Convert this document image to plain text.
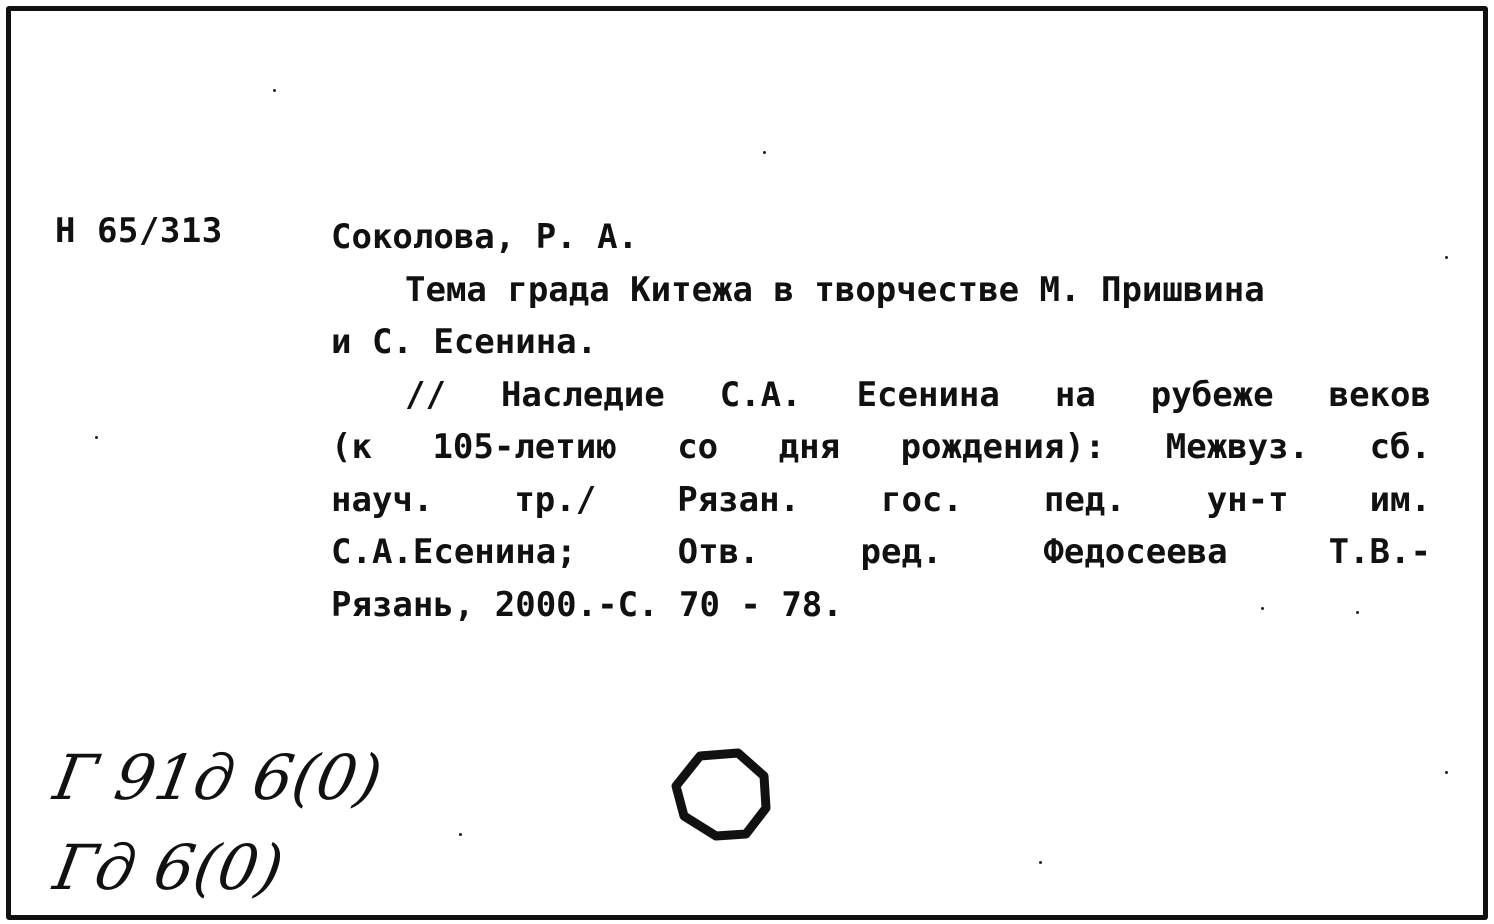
Н 65/313	Соколова, Р. А.
Тема града Китежа в творчестве М. Пришвина
и С. Есенина.
// Наследие С.А. Есенина на рубеже веков
(к 105-летию со дня рождения): Межвуз. сб.
науч. тр./ Рязан. гос. пед. ун-т им.
С.А.Есенина;	Отв.	ред.	Федосеева	Т.В.-
Рязань, 2000.-С. 70 - 78.
Г 91д 6(0)
Гд 6(0)
